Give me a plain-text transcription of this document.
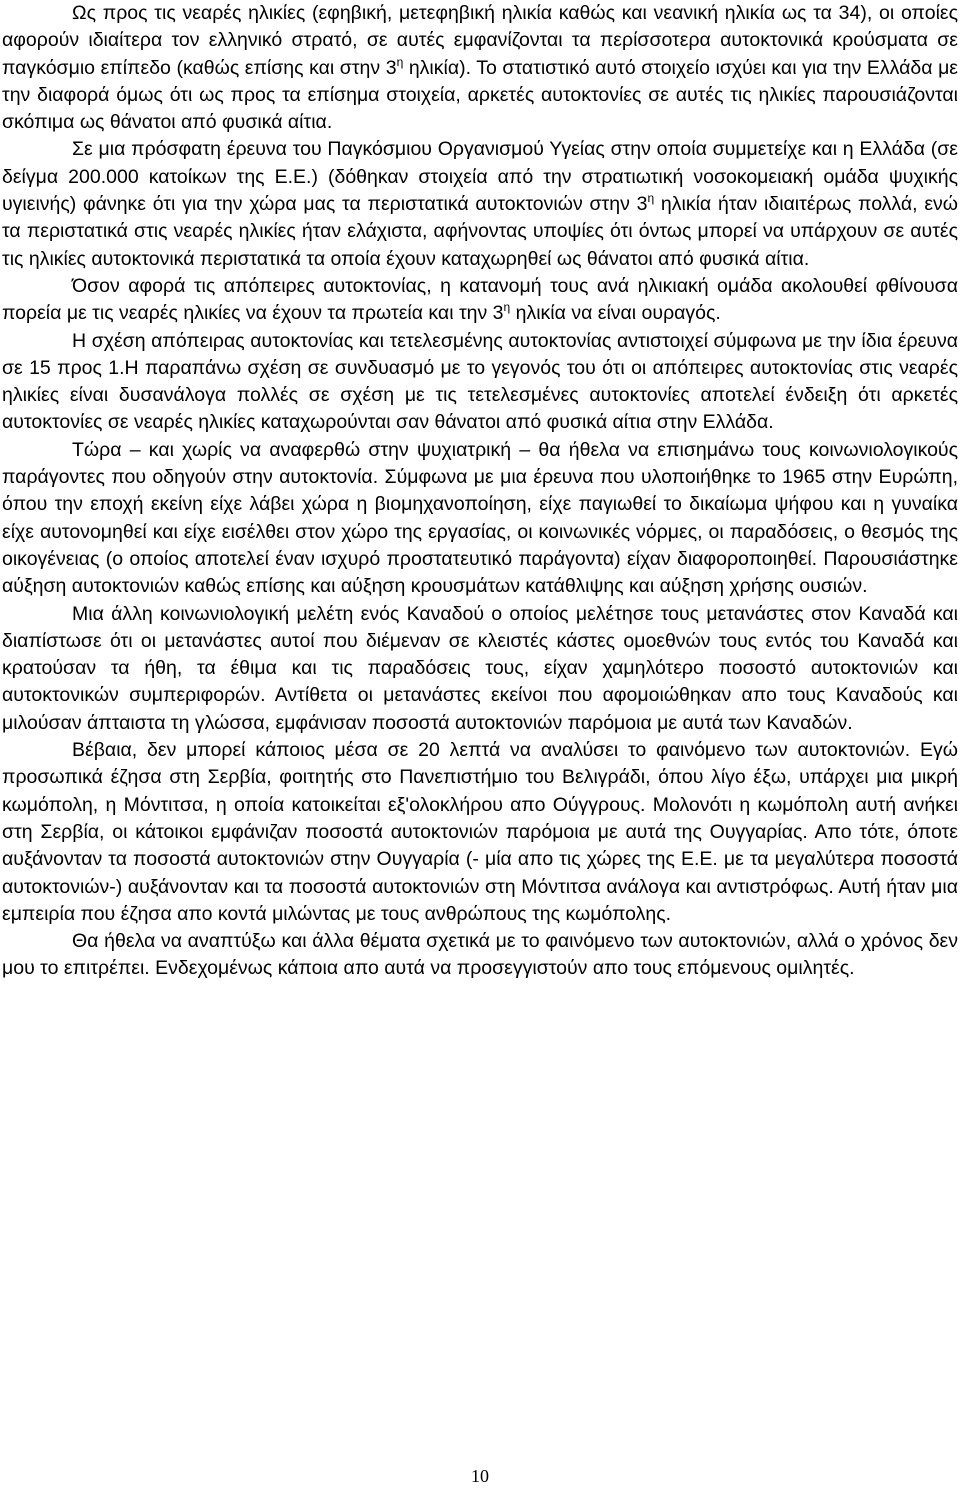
Ως προς τις νεαρές ηλικίες (εφηβική, μετεφηβική ηλικία καθώς και νεανική ηλικία ως τα 34), οι οποίες αφορούν ιδιαίτερα τον ελληνικό στρατό, σε αυτές εμφανίζονται τα περίσσοτερα αυτοκτονικά κρούσματα σε παγκόσμιο επίπεδο (καθώς επίσης και στην $3^\eta$ ηλικία). Το στατιστικό αυτό στοιχείο ισχύει και για την Ελλάδα με την διαφορά όμως ότι ως προς τα επίσημα στοιχεία, αρκετές αυτοκτονίες σε αυτές τις ηλικίες παρουσιάζονται σκόπιμα ως θάνατοι από φυσικά αίτια.

Σε μια πρόσφατη έρευνα του Παγκόσμιου Οργανισμού Υγείας στην οποία συμμετείχε και η Ελλάδα (σε δείγμα 200.000 κατοίκων της Ε.Ε.) (δόθηκαν στοιχεία από την στρατιωτική νοσοκομειακή ομάδα ψυχικής υγιεινής) φάνηκε ότι για την χώρα μας τα περιστατικά αυτοκτονιών στην $3^\eta$ ηλικία ήταν ιδιαιτέρως πολλά, ενώ τα περιστατικά στις νεαρές ηλικίες ήταν ελάχιστα, αφήνοντας υποψίες ότι όντως μπορεί να υπάρχουν σε αυτές τις ηλικίες αυτοκτονικά περιστατικά τα οποία έχουν καταχωρηθεί ως θάνατοι από φυσικά αίτια.

Όσον αφορά τις απόπειρες αυτοκτονίας, η κατανομή τους ανά ηλικιακή ομάδα ακολουθεί φθίνουσα πορεία με τις νεαρές ηλικίες να έχουν τα πρωτεία και την $3^\eta$ ηλικία να είναι ουραγός.

Η σχέση απόπειρας αυτοκτονίας και τετελεσμένης αυτοκτονίας αντιστοιχεί σύμφωνα με την ίδια έρευνα σε 15 προς 1.Η παραπάνω σχέση σε συνδυασμό με το γεγονός του ότι οι απόπειρες αυτοκτονίας στις νεαρές ηλικίες είναι δυσανάλογα πολλές σε σχέση με τις τετελεσμένες αυτοκτονίες αποτελεί ένδειξη ότι αρκετές αυτοκτονίες σε νεαρές ηλικίες καταχωρούνται σαν θάνατοι από φυσικά αίτια στην Ελλάδα.

Τώρα – και χωρίς να αναφερθώ στην ψυχιατρική – θα ήθελα να επισημάνω τους κοινωνιολογικούς παράγοντες που οδηγούν στην αυτοκτονία. Σύμφωνα με μια έρευνα που υλοποιήθηκε το 1965 στην Ευρώπη, όπου την εποχή εκείνη είχε λάβει χώρα η βιομηχανοποίηση, είχε παγιωθεί το δικαίωμα ψήφου και η γυναίκα είχε αυτονομηθεί και είχε εισέλθει στον χώρο της εργασίας, οι κοινωνικές νόρμες, οι παραδόσεις, ο θεσμός της οικογένειας (ο οποίος αποτελεί έναν ισχυρό προστατευτικό παράγοντα) είχαν διαφοροποιηθεί. Παρουσιάστηκε αύξηση αυτοκτονιών καθώς επίσης και αύξηση κρουσμάτων κατάθλιψης και αύξηση χρήσης ουσιών.

Μια άλλη κοινωνιολογική μελέτη ενός Καναδού ο οποίος μελέτησε τους μετανάστες στον Καναδά και διαπίστωσε ότι οι μετανάστες αυτοί που διέμεναν σε κλειστές κάστες ομοεθνών τους εντός του Καναδά και κρατούσαν τα ήθη, τα έθιμα και τις παραδόσεις τους, είχαν χαμηλότερο ποσοστό αυτοκτονιών και αυτοκτονικών συμπεριφορών. Αντίθετα οι μετανάστες εκείνοι που αφομοιώθηκαν απο τους Καναδούς και μιλούσαν άπταιστα τη γλώσσα, εμφάνισαν ποσοστά αυτοκτονιών παρόμοια με αυτά των Καναδών.

Βέβαια, δεν μπορεί κάποιος μέσα σε 20 λεπτά να αναλύσει το φαινόμενο των αυτοκτονιών. Εγώ προσωπικά έζησα στη Σερβία, φοιτητής στο Πανεπιστήμιο του Βελιγράδι, όπου λίγο έξω, υπάρχει μια μικρή κωμόπολη, η Μόντιτσα, η οποία κατοικείται εξ'ολοκλήρου απο Ούγγρους. Μολονότι η κωμόπολη αυτή ανήκει στη Σερβία, οι κάτοικοι εμφάνιζαν ποσοστά αυτοκτονιών παρόμοια με αυτά της Ουγγαρίας. Απο τότε, όποτε αυξάνονταν τα ποσοστά αυτοκτονιών στην Ουγγαρία (- μία απο τις χώρες της Ε.Ε. με τα μεγαλύτερα ποσοστά αυτοκτονιών-) αυξάνονταν και τα ποσοστά αυτοκτονιών στη Μόντιτσα ανάλογα και αντιστρόφως. Αυτή ήταν μια εμπειρία που έζησα απο κοντά μιλώντας με τους ανθρώπους της κωμόπολης.

Θα ήθελα να αναπτύξω και άλλα θέματα σχετικά με το φαινόμενο των αυτοκτονιών, αλλά ο χρόνος δεν μου το επιτρέπει. Ενδεχομένως κάποια απο αυτά να προσεγγιστούν απο τους επόμενους ομιλητές.

10
